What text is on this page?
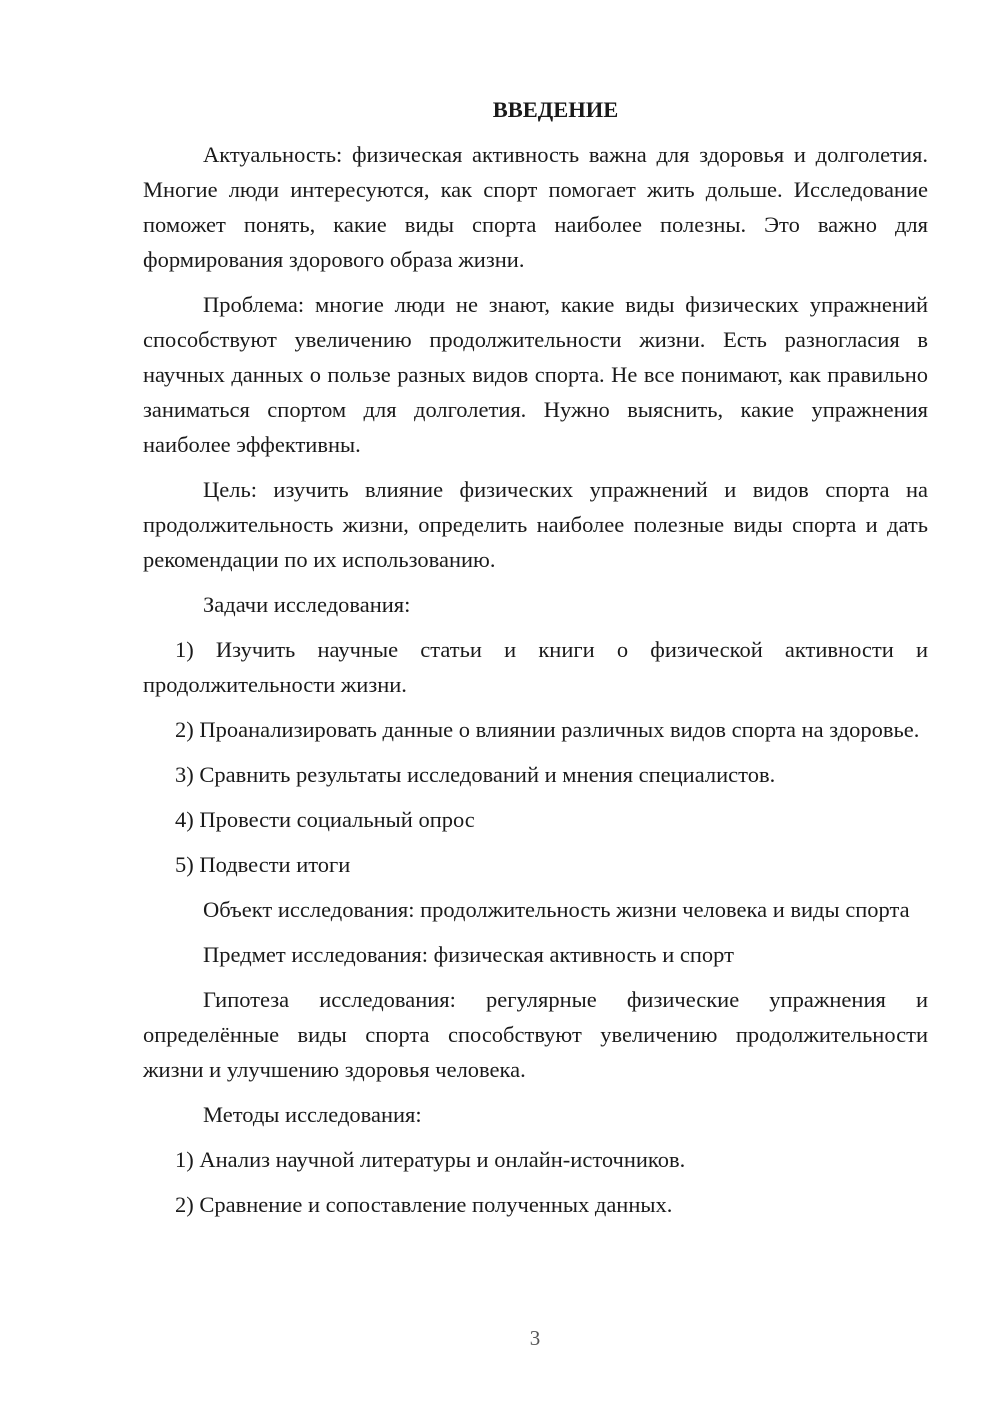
ВВЕДЕНИЕ

Актуальность: физическая активность важна для здоровья и долголетия. Многие люди интересуются, как спорт помогает жить дольше. Исследование поможет понять, какие виды спорта наиболее полезны. Это важно для формирования здорового образа жизни.

Проблема: многие люди не знают, какие виды физических упражнений способствуют увеличению продолжительности жизни. Есть разногласия в научных данных о пользе разных видов спорта. Не все понимают, как правильно заниматься спортом для долголетия. Нужно выяснить, какие упражнения наиболее эффективны.

Цель: изучить влияние физических упражнений и видов спорта на продолжительность жизни, определить наиболее полезные виды спорта и дать рекомендации по их использованию.

Задачи исследования:

1) Изучить научные статьи и книги о физической активности и продолжительности жизни.

2) Проанализировать данные о влиянии различных видов спорта на здоровье.

3) Сравнить результаты исследований и мнения специалистов.

4) Провести социальный опрос

5) Подвести итоги

Объект исследования: продолжительность жизни человека и виды спорта

Предмет исследования: физическая активность и спорт

Гипотеза исследования: регулярные физические упражнения и определённые виды спорта способствуют увеличению продолжительности жизни и улучшению здоровья человека.

Методы исследования:

1) Анализ научной литературы и онлайн-источников.

2) Сравнение и сопоставление полученных данных.

3
